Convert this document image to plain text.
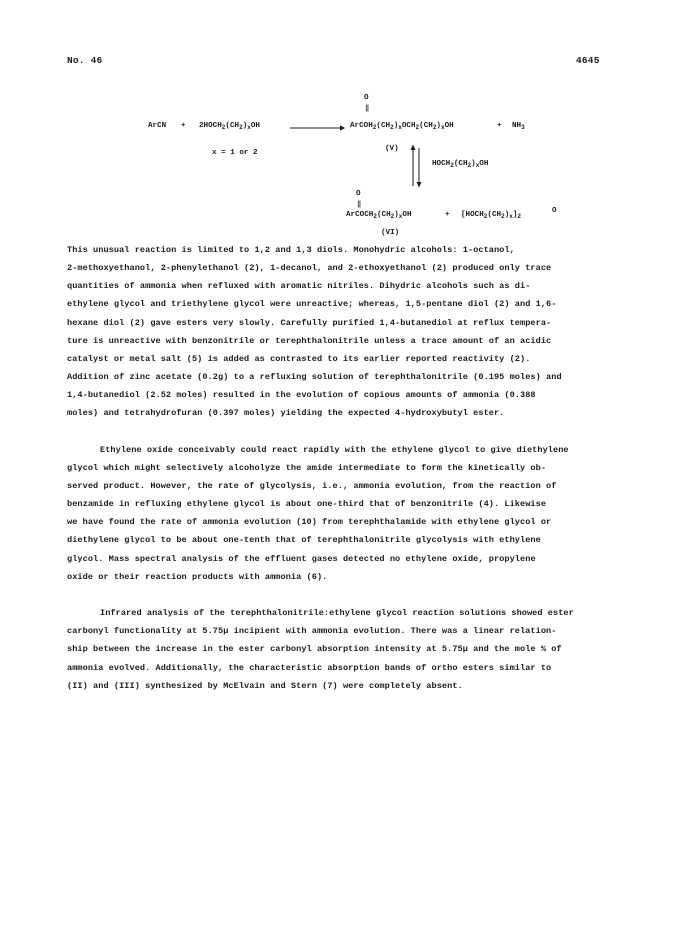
No. 46	4645
ArCN + $2HOCH_2(CH_2)_xOH$
O
‖
$ArCOH_2(CH_2)_xOCH_2(CH_2)_xOH$	+ $NH_3$
x = 1 or 2	(V)
$HOCH_2(CH_2)_xOH$
O
‖
$ArCOCH_2(CH_2)_xOH$	+ $[HOCH_2(CH_2)_x]_2$
O
(VI)

This unusual reaction is limited to 1,2 and 1,3 diols. Monohydric alcohols: 1-octanol,
2-methoxyethanol, 2-phenylethanol (2), 1-decanol, and 2-ethoxyethanol (2) produced only trace
quantities of ammonia when refluxed with aromatic nitriles. Dihydric alcohols such as di-
ethylene glycol and triethylene glycol were unreactive; whereas, 1,5-pentane diol (2) and 1,6-
hexane diol (2) gave esters very slowly. Carefully purified 1,4-butanediol at reflux tempera-
ture is unreactive with benzonitrile or terephthalonitrile unless a trace amount of an acidic
catalyst or metal salt (5) is added as contrasted to its earlier reported reactivity (2).
Addition of zinc acetate (0.2g) to a refluxing solution of terephthalonitrile (0.195 moles) and
1,4-butanediol (2.52 moles) resulted in the evolution of copious amounts of ammonia (0.388
moles) and tetrahydrofuran (0.397 moles) yielding the expected 4-hydroxybutyl ester.

Ethylene oxide conceivably could react rapidly with the ethylene glycol to give diethylene
glycol which might selectively alcoholyze the amide intermediate to form the kinetically ob-
served product. However, the rate of glycolysis, i.e., ammonia evolution, from the reaction of
benzamide in refluxing ethylene glycol is about one-third that of benzonitrile (4). Likewise
we have found the rate of ammonia evolution (10) from terephthalamide with ethylene glycol or
diethylene glycol to be about one-tenth that of terephthalonitrile glycolysis with ethylene
glycol. Mass spectral analysis of the effluent gases detected no ethylene oxide, propylene
oxide or their reaction products with ammonia (6).

Infrared analysis of the terephthalonitrile:ethylene glycol reaction solutions showed ester
carbonyl functionality at 5.75µ incipient with ammonia evolution. There was a linear relation-
ship between the increase in the ester carbonyl absorption intensity at 5.75µ and the mole % of
ammonia evolved. Additionally, the characteristic absorption bands of ortho esters similar to
(II) and (III) synthesized by McElvain and Stern (7) were completely absent.
